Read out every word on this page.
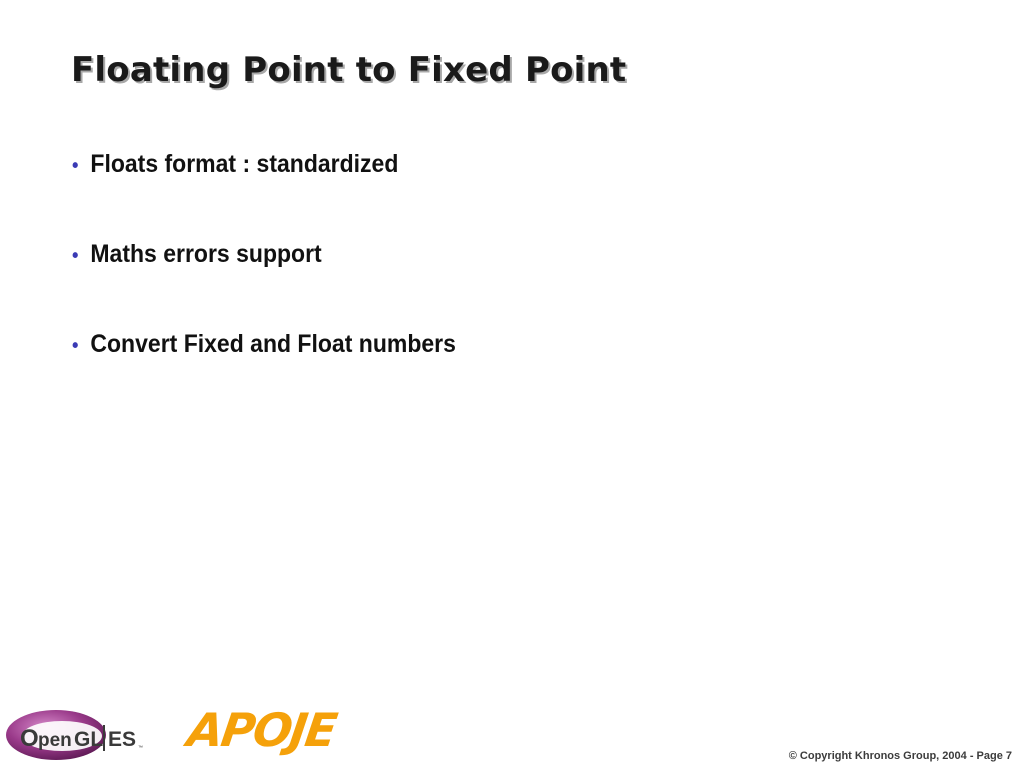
Floating Point to Fixed Point
• Floats format : standardized
• Maths errors support
• Convert Fixed and Float numbers
O pen GL ES ™ APOJE	© Copyright Khronos Group, 2004 - Page 7
